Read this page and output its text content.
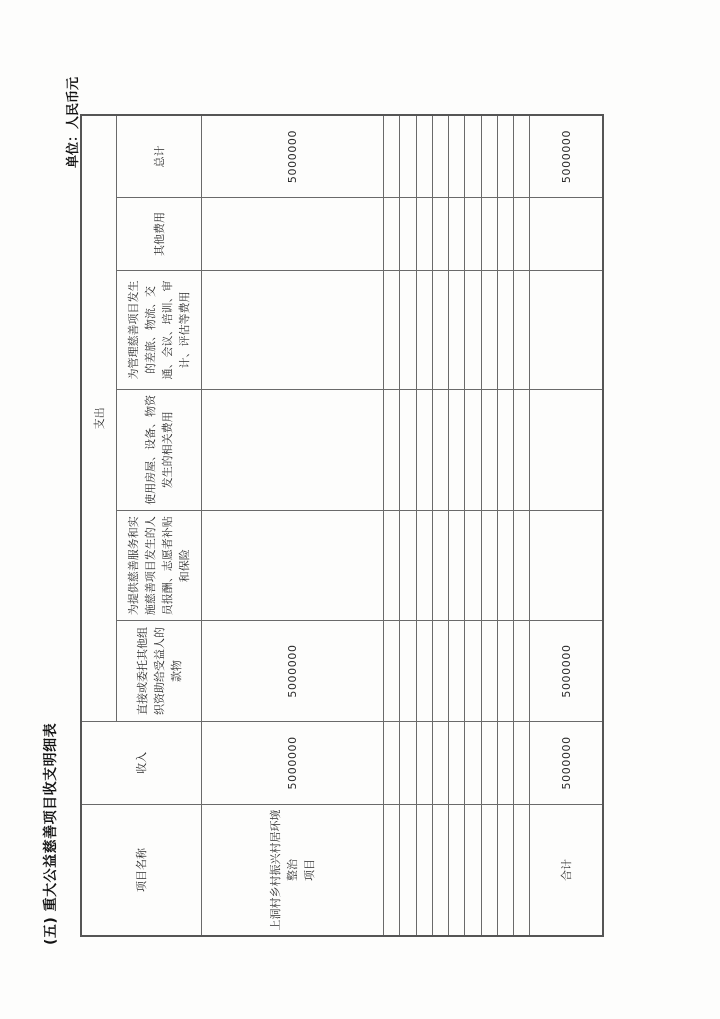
(五) 重大公益慈善项目收支明细表
单位：人民币元
项目名称	收入	支出					
		直接或委托其他组织资助给受益人的款物	为提供慈善服务和实施慈善项目发生的人员报酬、志愿者补贴和保险	使用房屋、设备、物资发生的相关费用	为管理慈善项目发生的差旅、物流、交通、会议、培训、审计、评估等费用	其他费用	总计
上洞村乡村振兴村居环境整治 项目	5000000	5000000					5000000

合计	5000000	5000000					5000000
